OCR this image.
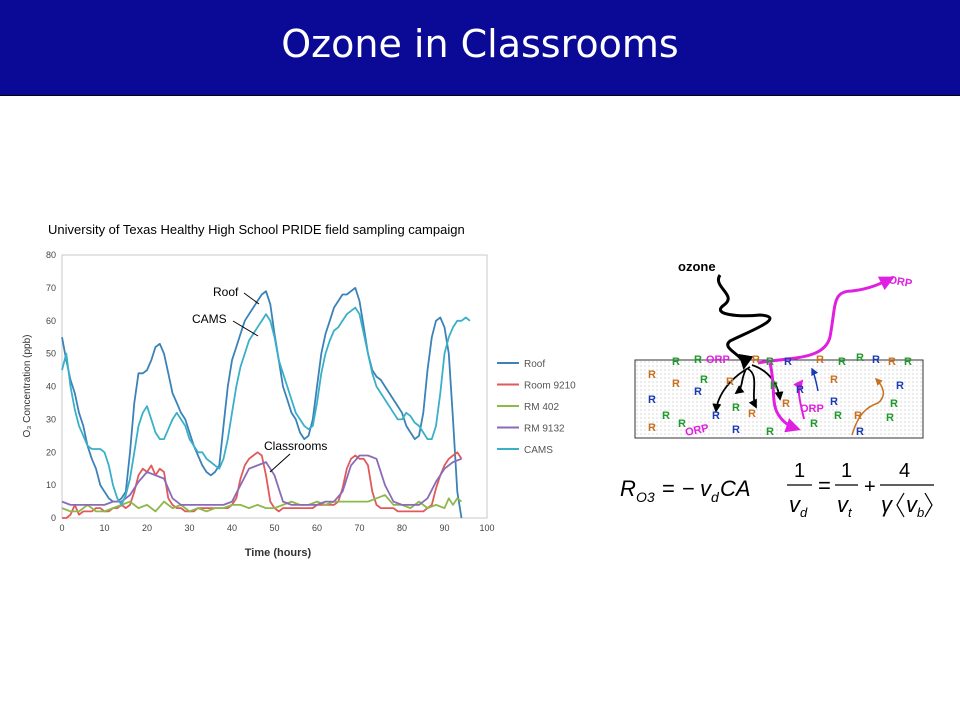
Ozone in Classrooms
University of Texas Healthy High School PRIDE field sampling campaign
0
10
20
30
40
50
60
70
80
0	10	20	30	40	50	60	70	80	90	100
Time (hours)
O₃ Concentration (ppb)	Roof
Room 9210
RM 402
RM 9132
CAMS
Roof
CAMS
Classrooms
ozone
ORP
ORP
ORP
ORP
R R	R R R R R R R R R
R
R R R	R R
R	R
R
R
R	R	R	R
R	R	R	R R R
R R	R R
R
R
R O3 = − v d CA
1
v d
=
1
v t
+
4
γ v b
